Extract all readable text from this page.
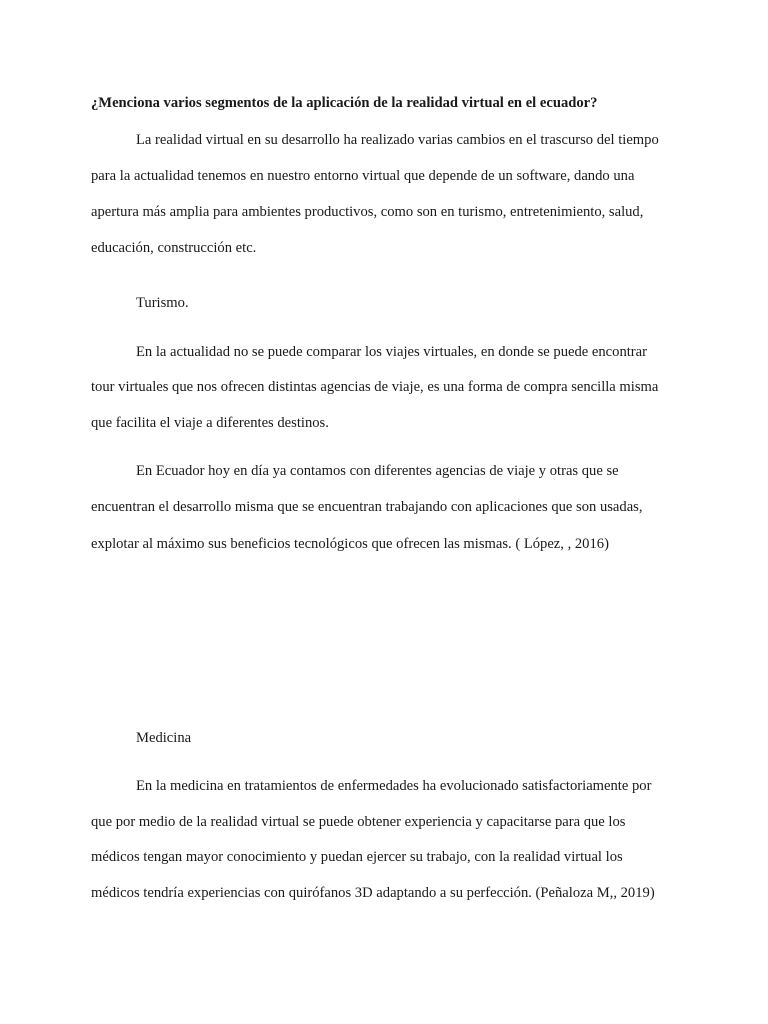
¿Menciona varios segmentos de la aplicación de la realidad virtual en el ecuador?
La realidad virtual en su desarrollo ha realizado varias cambios en el trascurso del tiempo
para la actualidad tenemos en nuestro entorno virtual que depende de un software, dando una
apertura más amplia para ambientes productivos, como son en turismo, entretenimiento, salud,
educación, construcción etc.
Turismo.
En la actualidad no se puede comparar los viajes virtuales, en donde se puede encontrar
tour virtuales que nos ofrecen distintas agencias de viaje, es una forma de compra sencilla misma
que facilita el viaje a diferentes destinos.
En Ecuador hoy en día ya contamos con diferentes agencias de viaje y otras que se
encuentran el desarrollo misma que se encuentran trabajando con aplicaciones que son usadas,
explotar al máximo sus beneficios tecnológicos que ofrecen las mismas. ( López, , 2016)
Medicina
En la medicina en tratamientos de enfermedades ha evolucionado satisfactoriamente por
que por medio de la realidad virtual se puede obtener experiencia y capacitarse para que los
médicos tengan mayor conocimiento y puedan ejercer su trabajo, con la realidad virtual los
médicos tendría experiencias con quirófanos 3D adaptando a su perfección. (Peñaloza M,, 2019)
